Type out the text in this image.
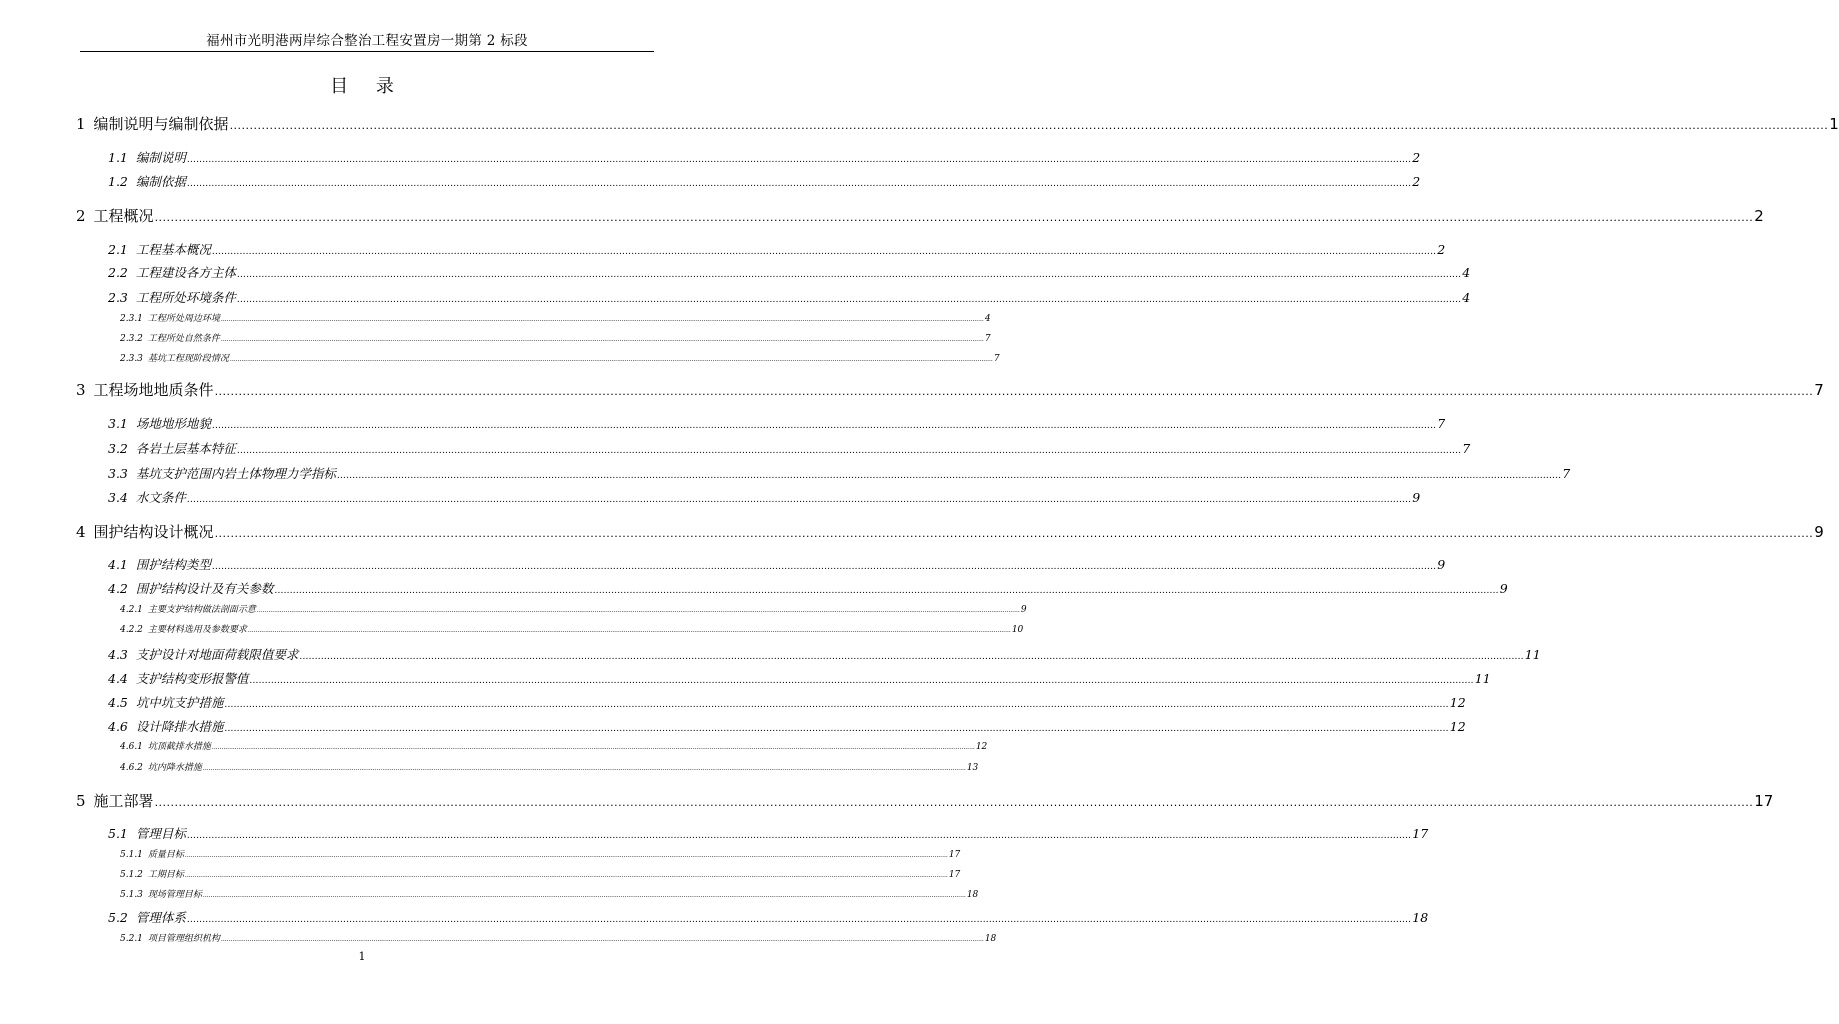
福州市光明港两岸综合整治工程安置房一期第 2 标段
目 录
1 编制说明与编制依据 ................................................................................................................................................................................................................................................................................................................................................................................................................ 1
1.1 编制说明 ................................................................................................................................................................................................................................................................................................................................................................................................................ 2
1.2 编制依据 ................................................................................................................................................................................................................................................................................................................................................................................................................ 2
2 工程概况 ................................................................................................................................................................................................................................................................................................................................................................................................................ 2
2.1 工程基本概况 ................................................................................................................................................................................................................................................................................................................................................................................................................ 2
2.2 工程建设各方主体 ................................................................................................................................................................................................................................................................................................................................................................................................................ 4
2.3 工程所处环境条件 ................................................................................................................................................................................................................................................................................................................................................................................................................ 4
2.3.1 工程所处周边环境 ................................................................................................................................................................................................................................................................................................................................................................................................................ 4
2.3.2 工程所处自然条件 ................................................................................................................................................................................................................................................................................................................................................................................................................ 7
2.3.3 基坑工程现阶段情况 ................................................................................................................................................................................................................................................................................................................................................................................................................ 7
3 工程场地地质条件 ................................................................................................................................................................................................................................................................................................................................................................................................................ 7
3.1 场地地形地貌 ................................................................................................................................................................................................................................................................................................................................................................................................................ 7
3.2 各岩土层基本特征 ................................................................................................................................................................................................................................................................................................................................................................................................................ 7
3.3 基坑支护范围内岩土体物理力学指标 ................................................................................................................................................................................................................................................................................................................................................................................................................ 7
3.4 水文条件 ................................................................................................................................................................................................................................................................................................................................................................................................................ 9
4 围护结构设计概况 ................................................................................................................................................................................................................................................................................................................................................................................................................ 9
4.1 围护结构类型 ................................................................................................................................................................................................................................................................................................................................................................................................................ 9
4.2 围护结构设计及有关参数 ................................................................................................................................................................................................................................................................................................................................................................................................................ 9
4.2.1 主要支护结构做法剖面示意 ................................................................................................................................................................................................................................................................................................................................................................................................................ 9
4.2.2 主要材料选用及参数要求 ................................................................................................................................................................................................................................................................................................................................................................................................................ 10
4.3 支护设计对地面荷载限值要求 ................................................................................................................................................................................................................................................................................................................................................................................................................ 11
4.4 支护结构变形报警值 ................................................................................................................................................................................................................................................................................................................................................................................................................ 11
4.5 坑中坑支护措施 ................................................................................................................................................................................................................................................................................................................................................................................................................ 12
4.6 设计降排水措施 ................................................................................................................................................................................................................................................................................................................................................................................................................ 12
4.6.1 坑顶截排水措施 ................................................................................................................................................................................................................................................................................................................................................................................................................ 12
4.6.2 坑内降水措施 ................................................................................................................................................................................................................................................................................................................................................................................................................ 13
5 施工部署 ................................................................................................................................................................................................................................................................................................................................................................................................................ 17
5.1 管理目标 ................................................................................................................................................................................................................................................................................................................................................................................................................ 17
5.1.1 质量目标 ................................................................................................................................................................................................................................................................................................................................................................................................................ 17
5.1.2 工期目标 ................................................................................................................................................................................................................................................................................................................................................................................................................ 17
5.1.3 现场管理目标 ................................................................................................................................................................................................................................................................................................................................................................................................................ 18
5.2 管理体系 ................................................................................................................................................................................................................................................................................................................................................................................................................ 18
5.2.1 项目管理组织机构 ................................................................................................................................................................................................................................................................................................................................................................................................................ 18
1
